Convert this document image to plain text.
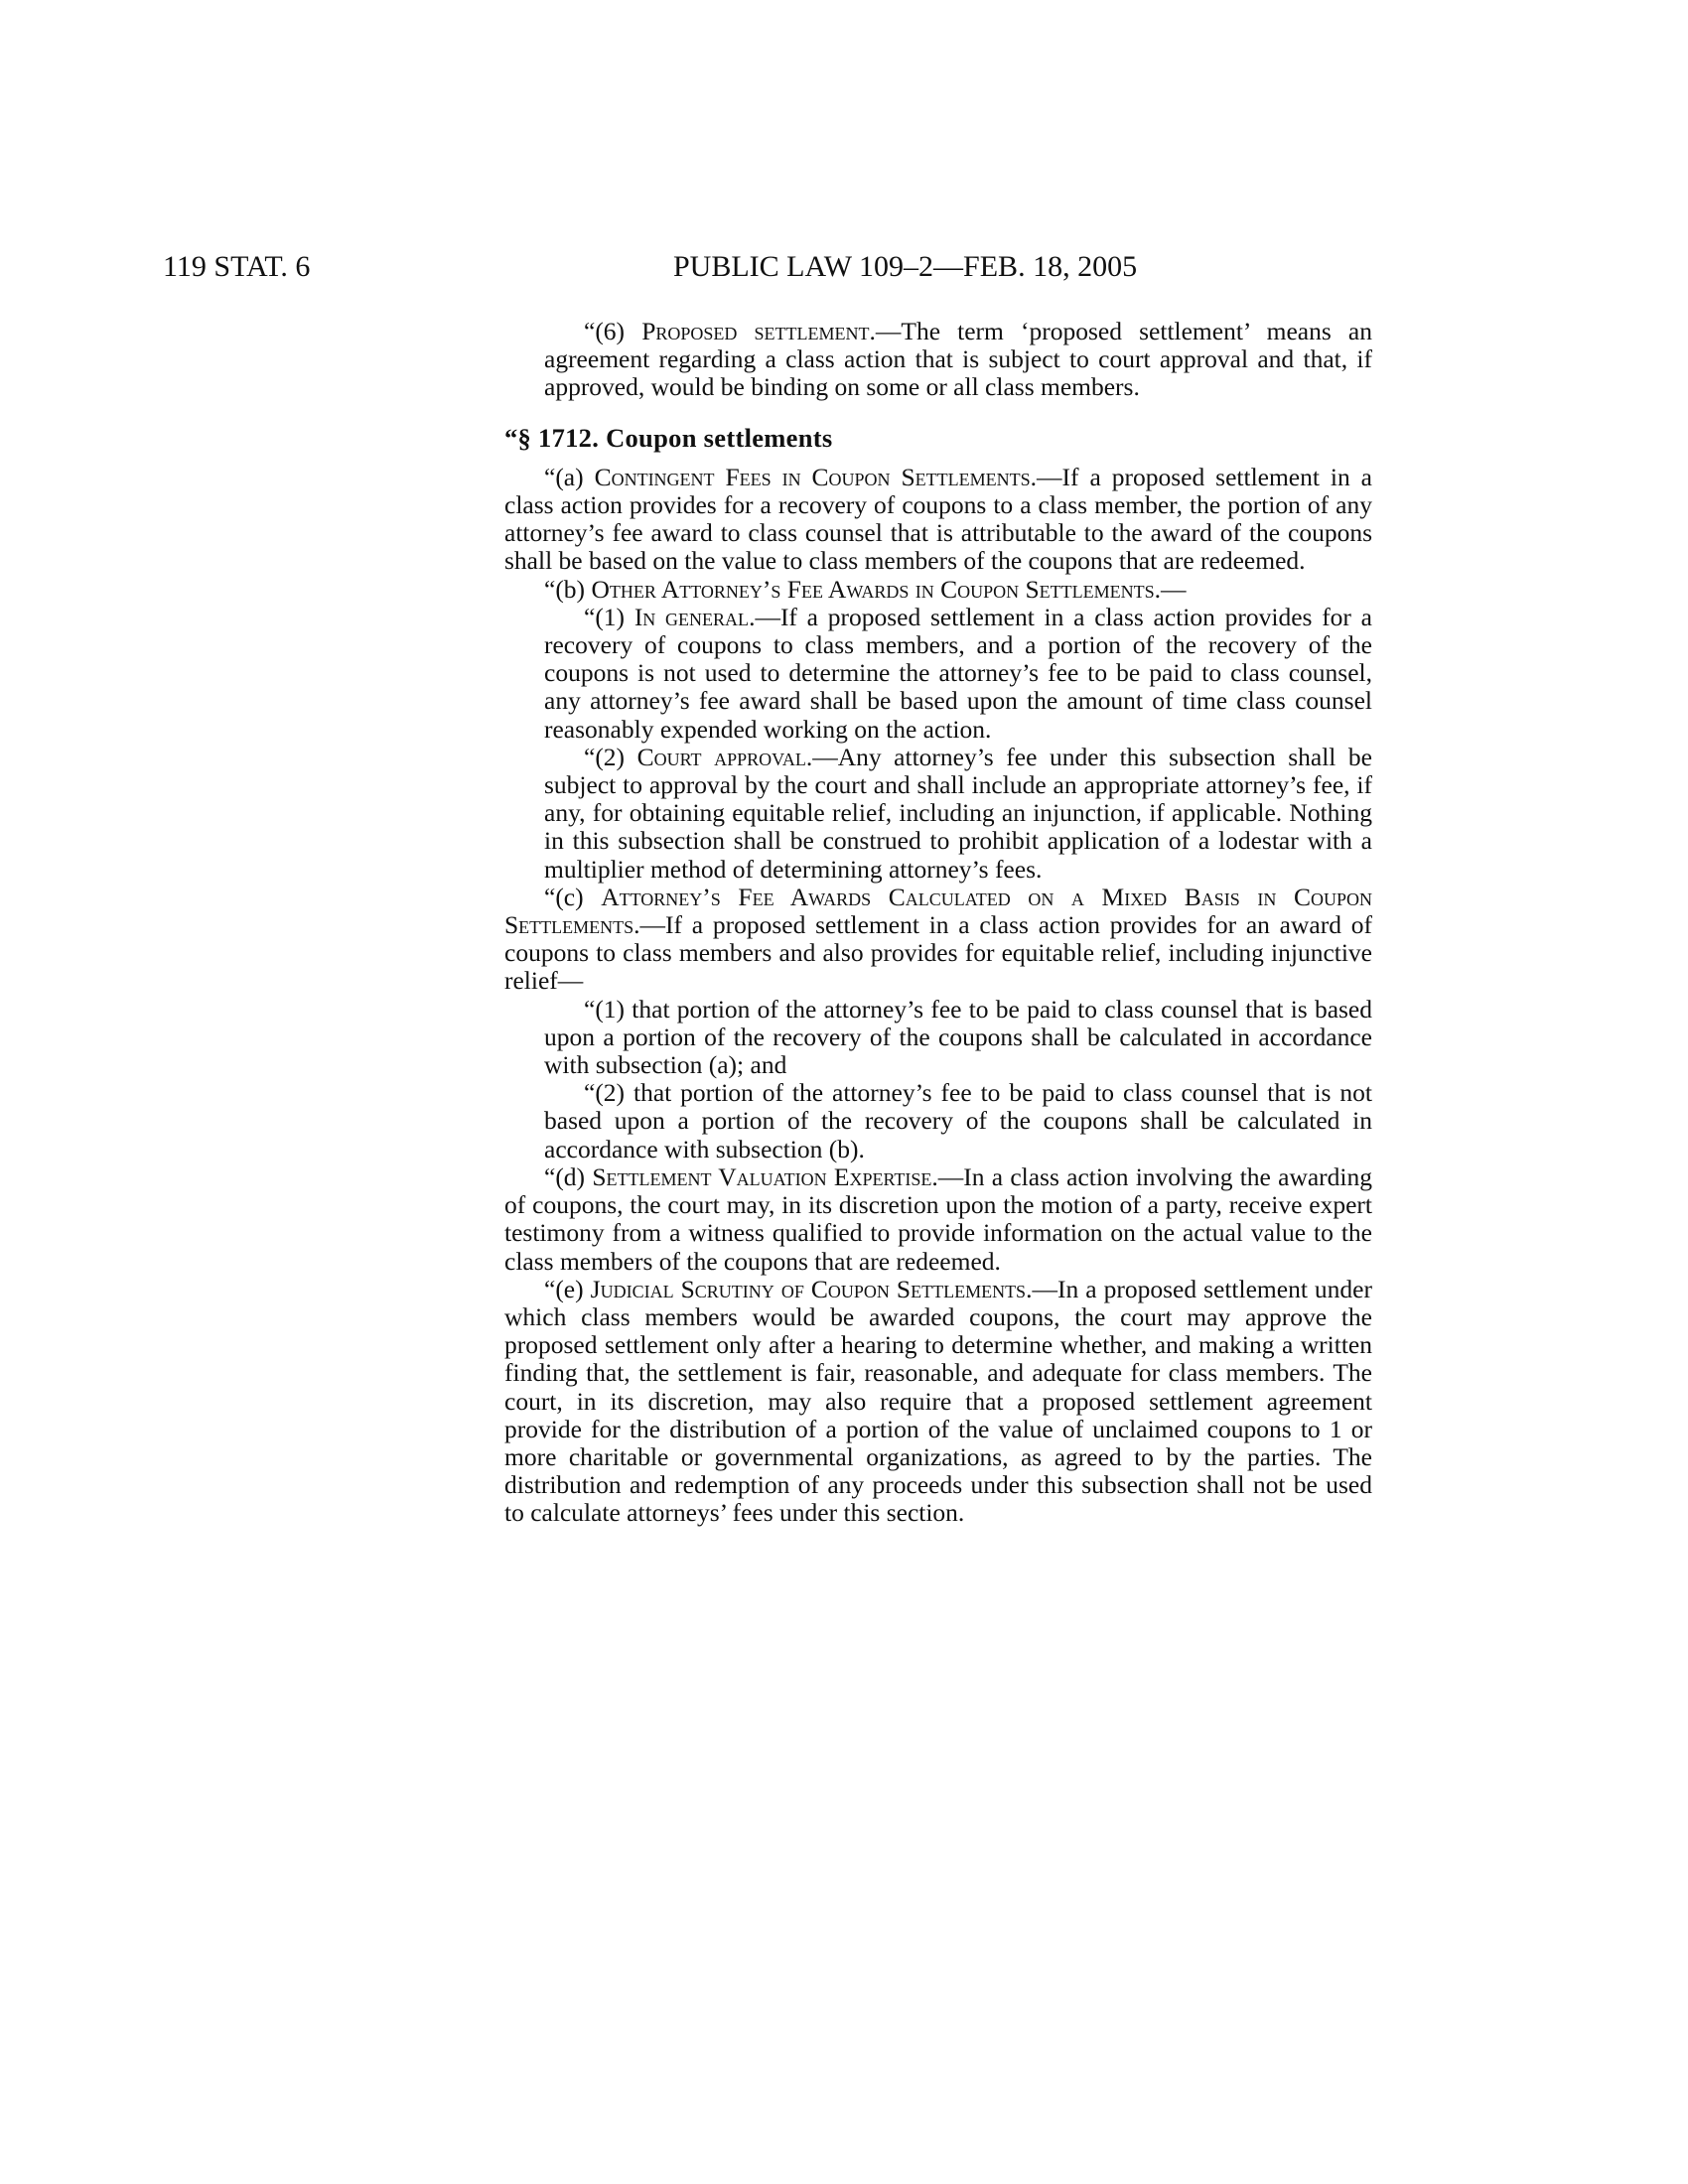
119 STAT. 6	PUBLIC LAW 109–2—FEB. 18, 2005

“(6) Proposed settlement.—The term ‘proposed settlement’ means an agreement regarding a class action that is subject to court approval and that, if approved, would be binding on some or all class members.

“§ 1712. Coupon settlements

“(a) Contingent Fees in Coupon Settlements.—If a proposed settlement in a class action provides for a recovery of coupons to a class member, the portion of any attorney’s fee award to class counsel that is attributable to the award of the coupons shall be based on the value to class members of the coupons that are redeemed.

“(b) Other Attorney’s Fee Awards in Coupon Settlements.—

“(1) In general.—If a proposed settlement in a class action provides for a recovery of coupons to class members, and a portion of the recovery of the coupons is not used to determine the attorney’s fee to be paid to class counsel, any attorney’s fee award shall be based upon the amount of time class counsel reasonably expended working on the action.

“(2) Court approval.—Any attorney’s fee under this subsection shall be subject to approval by the court and shall include an appropriate attorney’s fee, if any, for obtaining equitable relief, including an injunction, if applicable. Nothing in this subsection shall be construed to prohibit application of a lodestar with a multiplier method of determining attorney’s fees.

“(c) Attorney’s Fee Awards Calculated on a Mixed Basis in Coupon Settlements.—If a proposed settlement in a class action provides for an award of coupons to class members and also provides for equitable relief, including injunctive relief—

“(1) that portion of the attorney’s fee to be paid to class counsel that is based upon a portion of the recovery of the coupons shall be calculated in accordance with subsection (a); and

“(2) that portion of the attorney’s fee to be paid to class counsel that is not based upon a portion of the recovery of the coupons shall be calculated in accordance with subsection (b).

“(d) Settlement Valuation Expertise.—In a class action involving the awarding of coupons, the court may, in its discretion upon the motion of a party, receive expert testimony from a witness qualified to provide information on the actual value to the class members of the coupons that are redeemed.

“(e) Judicial Scrutiny of Coupon Settlements.—In a proposed settlement under which class members would be awarded coupons, the court may approve the proposed settlement only after a hearing to determine whether, and making a written finding that, the settlement is fair, reasonable, and adequate for class members. The court, in its discretion, may also require that a proposed settlement agreement provide for the distribution of a portion of the value of unclaimed coupons to 1 or more charitable or governmental organizations, as agreed to by the parties. The distribution and redemption of any proceeds under this subsection shall not be used to calculate attorneys’ fees under this section.
